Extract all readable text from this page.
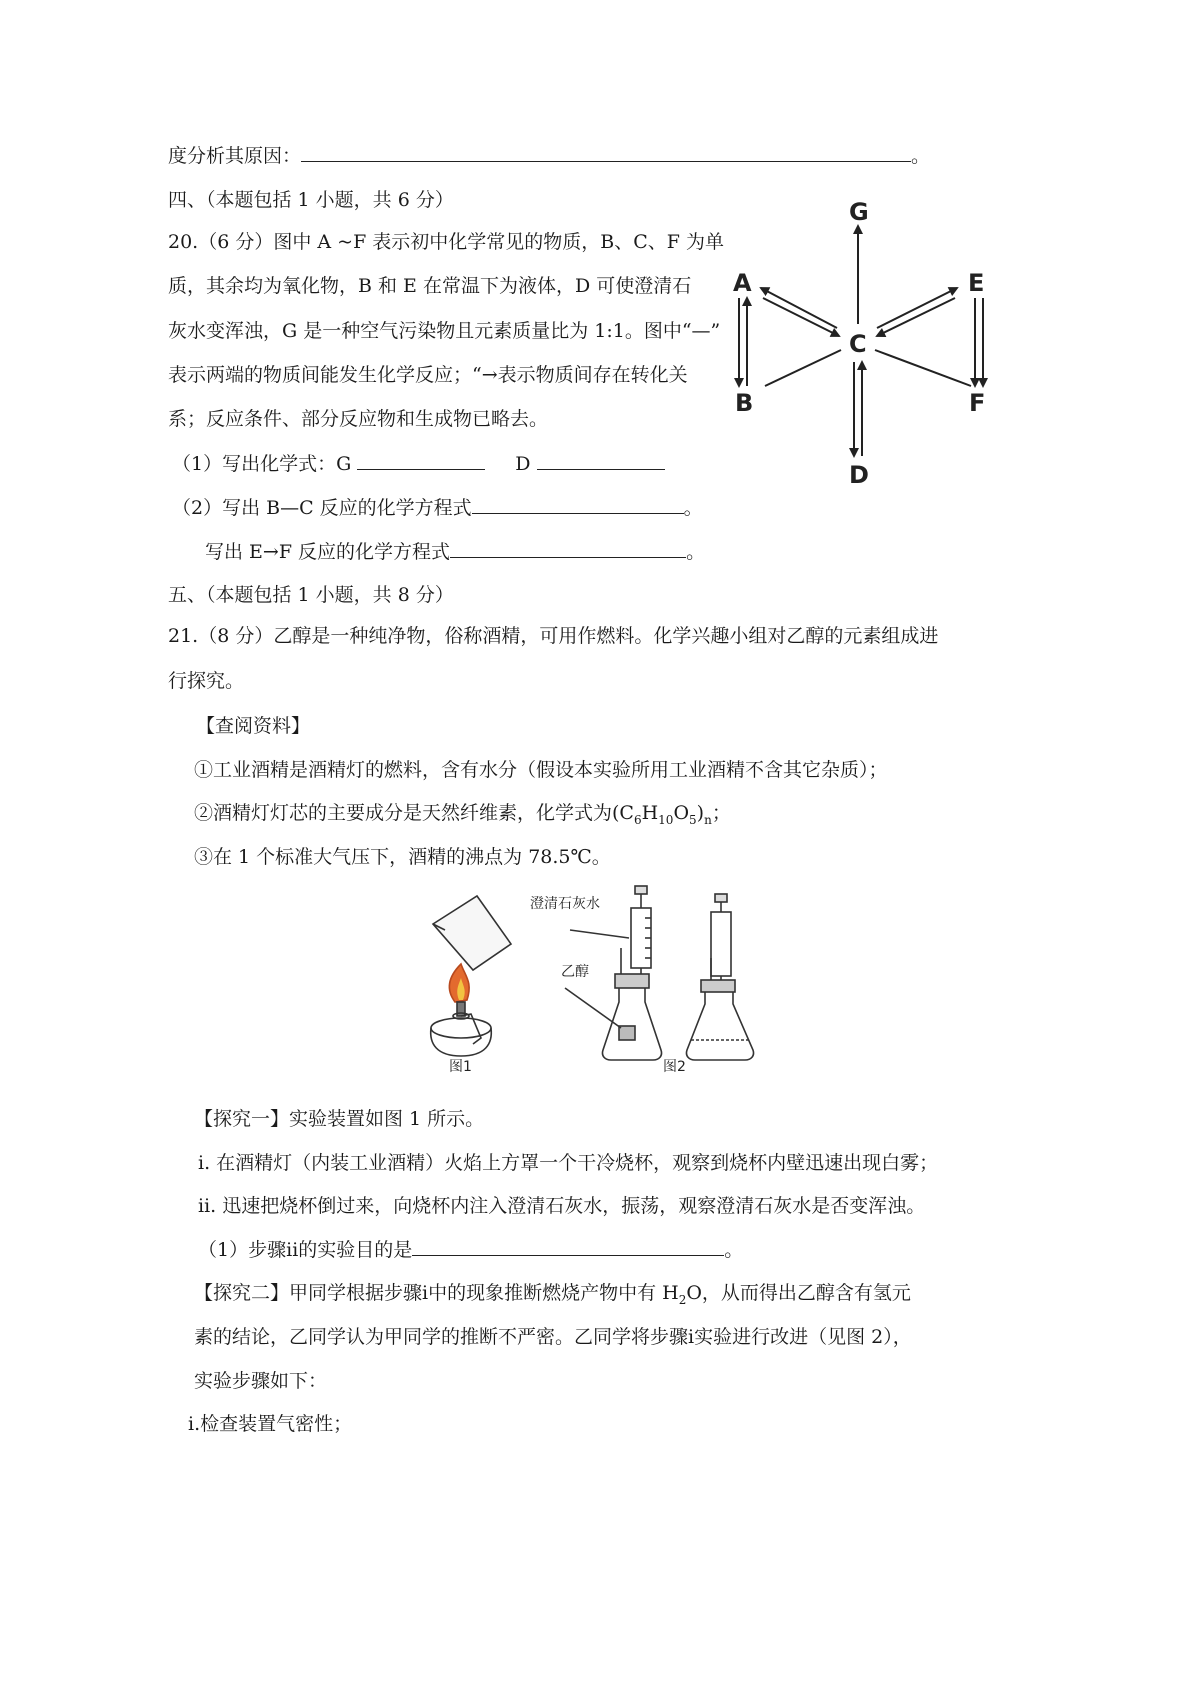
度分析其原因：	。
四、（本题包括 1 小题，共 6 分）
20.（6 分）图中 A ~F 表示初中化学常见的物质，B、C、F 为单
质，其余均为氧化物，B 和 E 在常温下为液体，D 可使澄清石
灰水变浑浊，G 是一种空气污染物且元素质量比为 1:1。图中“—”
表示两端的物质间能发生化学反应；“→表示物质间存在转化关
系；反应条件、部分反应物和生成物已略去。
（1）写出化学式：G	D
（2）写出 B—C 反应的化学方程式	。
写出 E→F 反应的化学方程式	。
G
A	E
C
B	F
D
五、（本题包括 1 小题，共 8 分）
21.（8 分）乙醇是一种纯净物，俗称酒精，可用作燃料。化学兴趣小组对乙醇的元素组成进
行探究。
【查阅资料】
①工业酒精是酒精灯的燃料，含有水分（假设本实验所用工业酒精不含其它杂质）；
②酒精灯灯芯的主要成分是天然纤维素，化学式为$(C_6H_{10}O_5)_n$；
③在 1 个标准大气压下，酒精的沸点为 78.5℃。
澄清石灰水
乙醇
图1	图2
【探究一】实验装置如图 1 所示。
ⅰ. 在酒精灯（内装工业酒精）火焰上方罩一个干冷烧杯，观察到烧杯内壁迅速出现白雾；
ⅱ. 迅速把烧杯倒过来，向烧杯内注入澄清石灰水，振荡，观察澄清石灰水是否变浑浊。
（1）步骤ⅱ的实验目的是	。
【探究二】甲同学根据步骤ⅰ中的现象推断燃烧产物中有 $H_2O$，从而得出乙醇含有氢元
素的结论，乙同学认为甲同学的推断不严密。乙同学将步骤ⅰ实验进行改进（见图 2），
实验步骤如下：
ⅰ.检查装置气密性；
